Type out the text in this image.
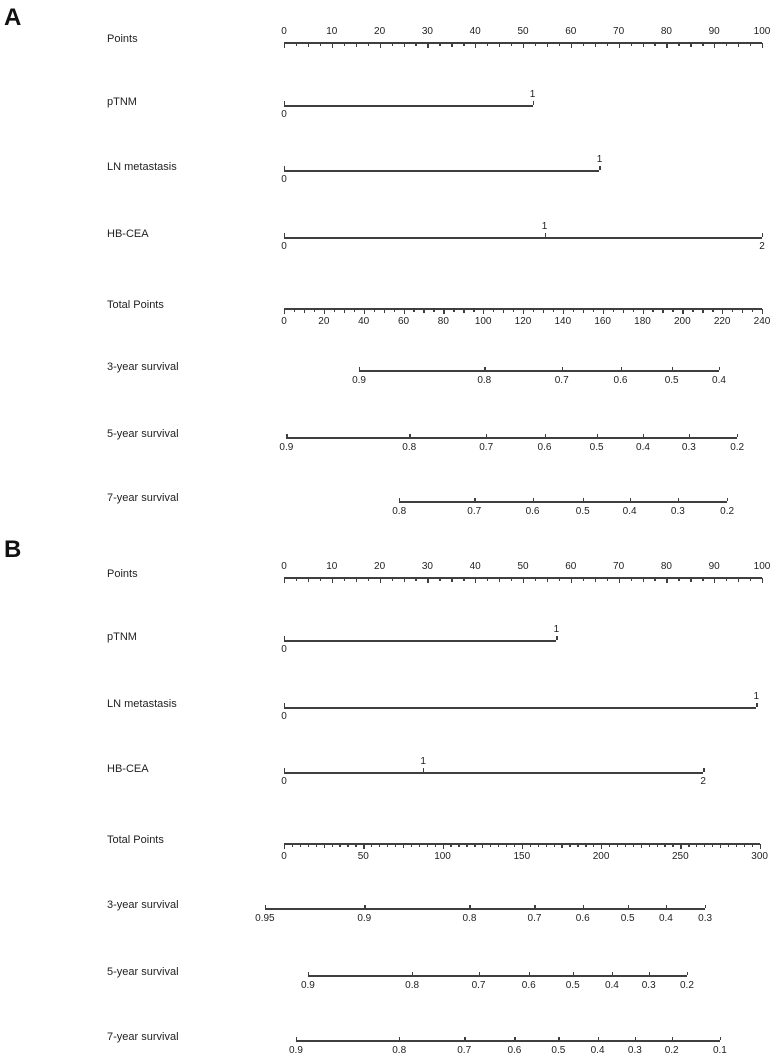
A
B
Points
0	10	20	30	40	50	60	70	80	90	100
pTNM
1
0
LN metastasis
1
0
HB-CEA
1
0	2
Total Points
0	20	40	60	80	100 120 140 160 180 200 220 240
3-year survival
0.9	0.8	0.7	0.6	0.5	0.4
5-year survival
0.9	0.8	0.7	0.6	0.5	0.4	0.3	0.2
7-year survival
0.8	0.7	0.6	0.5	0.4	0.3	0.2
Points
0	10	20	30	40	50	60	70	80	90	100
pTNM
1
0
LN metastasis
1
0
HB-CEA
1
0	2
Total Points
0	50	100	150	200	250	300
3-year survival
0.95	0.9	0.8	0.7	0.6	0.5 0.4	0.3
5-year survival
0.9	0.8	0.7	0.6	0.5	0.4 0.3 0.2
7-year survival
0.9	0.8	0.7	0.6	0.5	0.4 0.3 0.2	0.1
